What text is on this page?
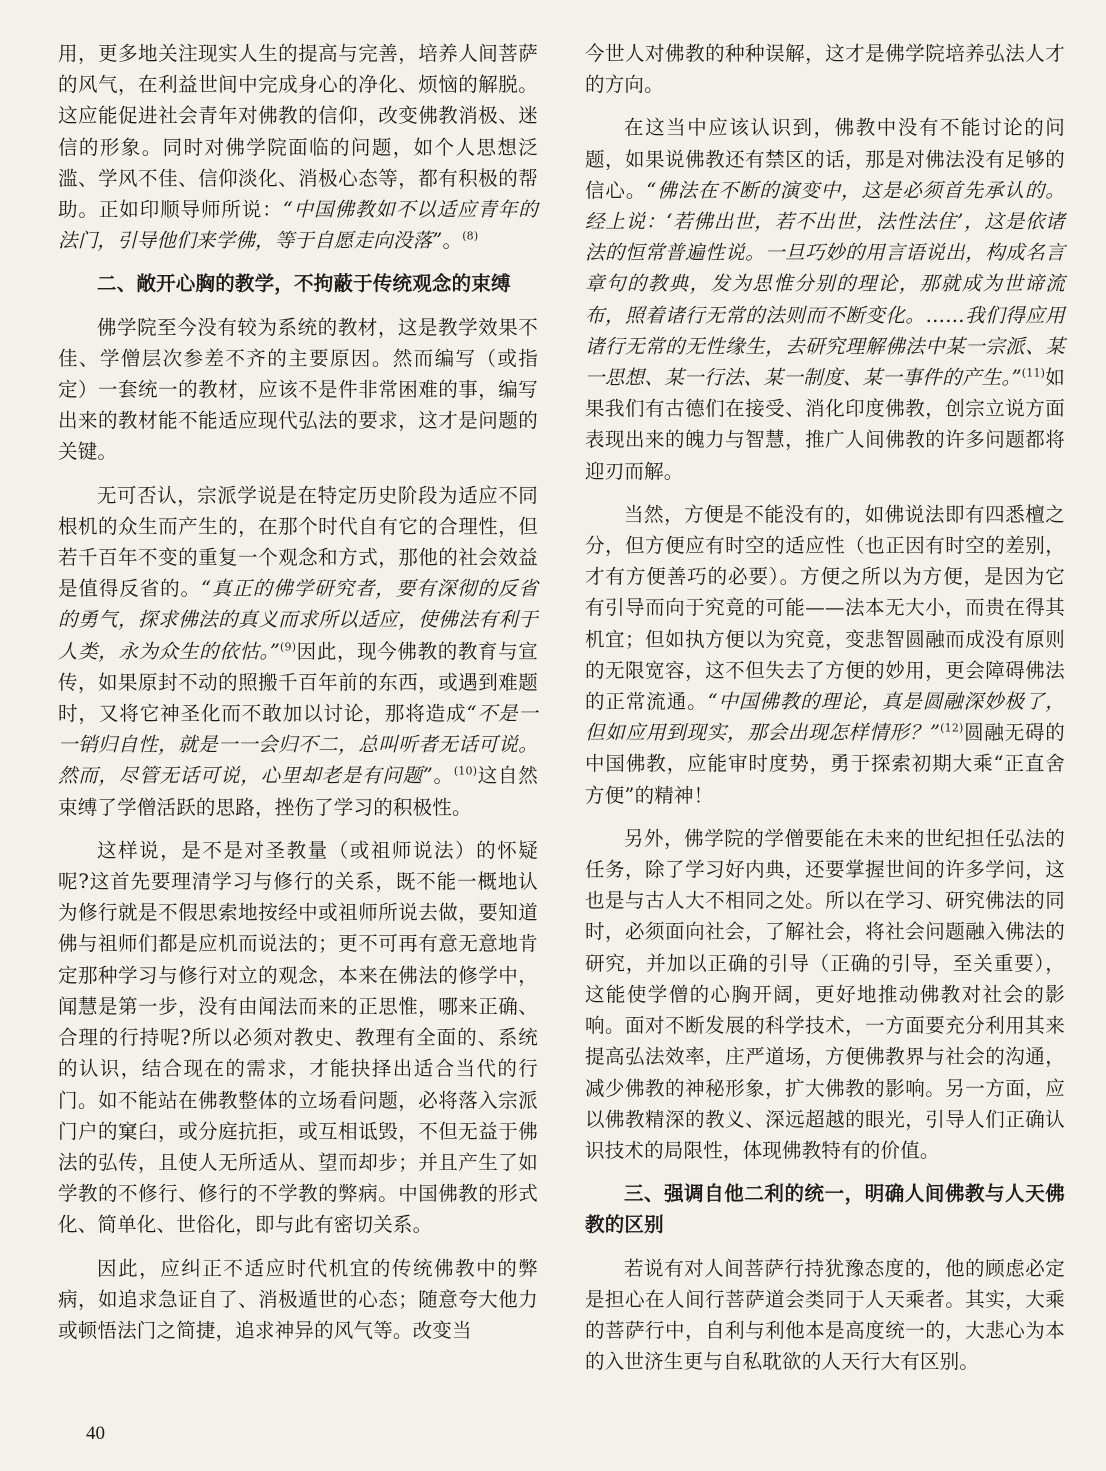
用，更多地关注现实人生的提高与完善，培养人间菩萨的风气，在利益世间中完成身心的净化、烦恼的解脱。这应能促进社会青年对佛教的信仰，改变佛教消极、迷信的形象。同时对佛学院面临的问题，如个人思想泛滥、学风不佳、信仰淡化、消极心态等，都有积极的帮助。正如印顺导师所说：“中国佛教如不以适应青年的法门，引导他们来学佛，等于自愿走向没落”。$^{(8)}$

二、敞开心胸的教学，不拘蔽于传统观念的束缚

佛学院至今没有较为系统的教材，这是教学效果不佳、学僧层次参差不齐的主要原因。然而编写（或指定）一套统一的教材，应该不是件非常困难的事，编写出来的教材能不能适应现代弘法的要求，这才是问题的关键。

无可否认，宗派学说是在特定历史阶段为适应不同根机的众生而产生的，在那个时代自有它的合理性，但若千百年不变的重复一个观念和方式，那他的社会效益是值得反省的。“真正的佛学研究者，要有深彻的反省的勇气，探求佛法的真义而求所以适应，使佛法有利于人类，永为众生的依怙。”$^{(9)}$因此，现今佛教的教育与宣传，如果原封不动的照搬千百年前的东西，或遇到难题时，又将它神圣化而不敢加以讨论，那将造成“不是一一销归自性，就是一一会归不二，总叫听者无话可说。然而，尽管无话可说，心里却老是有问题”。$^{(10)}$这自然束缚了学僧活跃的思路，挫伤了学习的积极性。

这样说，是不是对圣教量（或祖师说法）的怀疑呢?这首先要理清学习与修行的关系，既不能一概地认为修行就是不假思索地按经中或祖师所说去做，要知道佛与祖师们都是应机而说法的；更不可再有意无意地肯定那种学习与修行对立的观念，本来在佛法的修学中，闻慧是第一步，没有由闻法而来的正思惟，哪来正确、合理的行持呢?所以必须对教史、教理有全面的、系统的认识，结合现在的需求，才能抉择出适合当代的行门。如不能站在佛教整体的立场看问题，必将落入宗派门户的窠臼，或分庭抗拒，或互相诋毁，不但无益于佛法的弘传，且使人无所适从、望而却步；并且产生了如学教的不修行、修行的不学教的弊病。中国佛教的形式化、简单化、世俗化，即与此有密切关系。

因此，应纠正不适应时代机宜的传统佛教中的弊病，如追求急证自了、消极遁世的心态；随意夸大他力或顿悟法门之简捷，追求神异的风气等。改变当

今世人对佛教的种种误解，这才是佛学院培养弘法人才的方向。

在这当中应该认识到，佛教中没有不能讨论的问题，如果说佛教还有禁区的话，那是对佛法没有足够的信心。“佛法在不断的演变中，这是必须首先承认的。经上说：‘若佛出世，若不出世，法性法住’，这是依诸法的恒常普遍性说。一旦巧妙的用言语说出，构成名言章句的教典，发为思惟分别的理论，那就成为世谛流布，照着诸行无常的法则而不断变化。……我们得应用诸行无常的无性缘生，去研究理解佛法中某一宗派、某一思想、某一行法、某一制度、某一事件的产生。”$^{(11)}$如果我们有古德们在接受、消化印度佛教，创宗立说方面表现出来的魄力与智慧，推广人间佛教的许多问题都将迎刃而解。

当然，方便是不能没有的，如佛说法即有四悉檀之分，但方便应有时空的适应性（也正因有时空的差别，才有方便善巧的必要）。方便之所以为方便，是因为它有引导而向于究竟的可能——法本无大小，而贵在得其机宜；但如执方便以为究竟，变悲智圆融而成没有原则的无限宽容，这不但失去了方便的妙用，更会障碍佛法的正常流通。“中国佛教的理论，真是圆融深妙极了，但如应用到现实，那会出现怎样情形？”$^{(12)}$圆融无碍的中国佛教，应能审时度势，勇于探索初期大乘“正直舍方便”的精神！

另外，佛学院的学僧要能在未来的世纪担任弘法的任务，除了学习好内典，还要掌握世间的许多学问，这也是与古人大不相同之处。所以在学习、研究佛法的同时，必须面向社会，了解社会，将社会问题融入佛法的研究，并加以正确的引导（正确的引导，至关重要），这能使学僧的心胸开阔，更好地推动佛教对社会的影响。面对不断发展的科学技术，一方面要充分利用其来提高弘法效率，庄严道场，方便佛教界与社会的沟通，减少佛教的神秘形象，扩大佛教的影响。另一方面，应以佛教精深的教义、深远超越的眼光，引导人们正确认识技术的局限性，体现佛教特有的价值。

三、强调自他二利的统一，明确人间佛教与人天佛教的区别

若说有对人间菩萨行持犹豫态度的，他的顾虑必定是担心在人间行菩萨道会类同于人天乘者。其实，大乘的菩萨行中，自利与利他本是高度统一的，大悲心为本的入世济生更与自私耽欲的人天行大有区别。

40
